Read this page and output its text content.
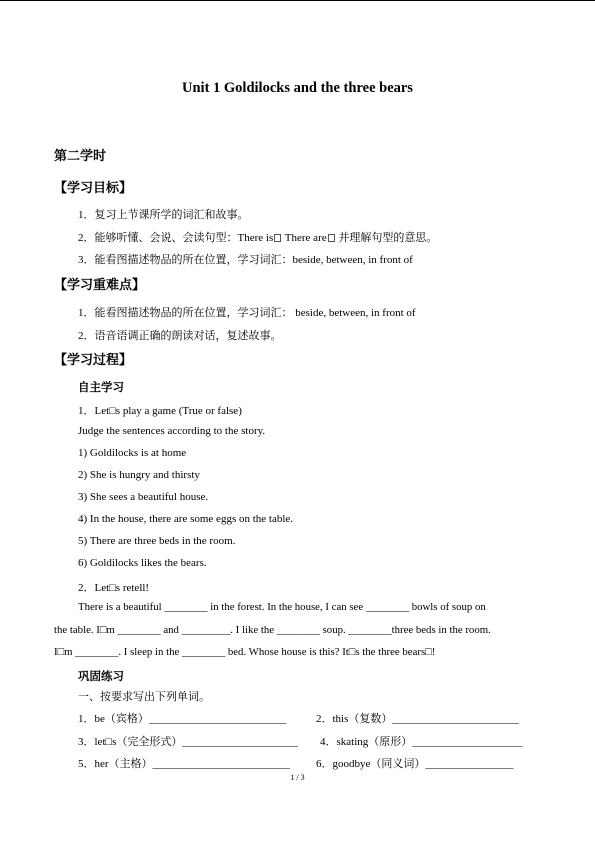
Unit 1 Goldilocks and the three bears
第二学时
【学习目标】
1．复习上节课所学的词汇和故事。
2．能够听懂、会说、会读句型：There is There are 并理解句型的意思。
3．能看图描述物品的所在位置，学习词汇：beside, between, in front of
【学习重难点】
1．能看图描述物品的所在位置，学习词汇： beside, between, in front of
2．语音语调正确的朗读对话，复述故事。
【学习过程】
自主学习
1．Let□s play a game (True or false)
Judge the sentences according to the story.
1) Goldilocks is at home
2) She is hungry and thirsty
3) She sees a beautiful house.
4) In the house, there are some eggs on the table.
5) There are three beds in the room.
6) Goldilocks likes the bears.
2．Let□s retell!
There is a beautiful ________ in the forest. In the house, I can see ________ bowls of soup on
the table. I□m ________ and _________. I like the ________ soup. ________three beds in the room.
I□m ________. I sleep in the ________ bed. Whose house is this? It□s the three bears□!
巩固练习
一、按要求写出下列单词。
1．be（宾格）_________________________	2．this（复数）_______________________
3．let□s（完全形式）_____________________ 4．skating（原形）____________________
5．her（主格）_________________________ 6．goodbye（同义词）________________
1 / 3
